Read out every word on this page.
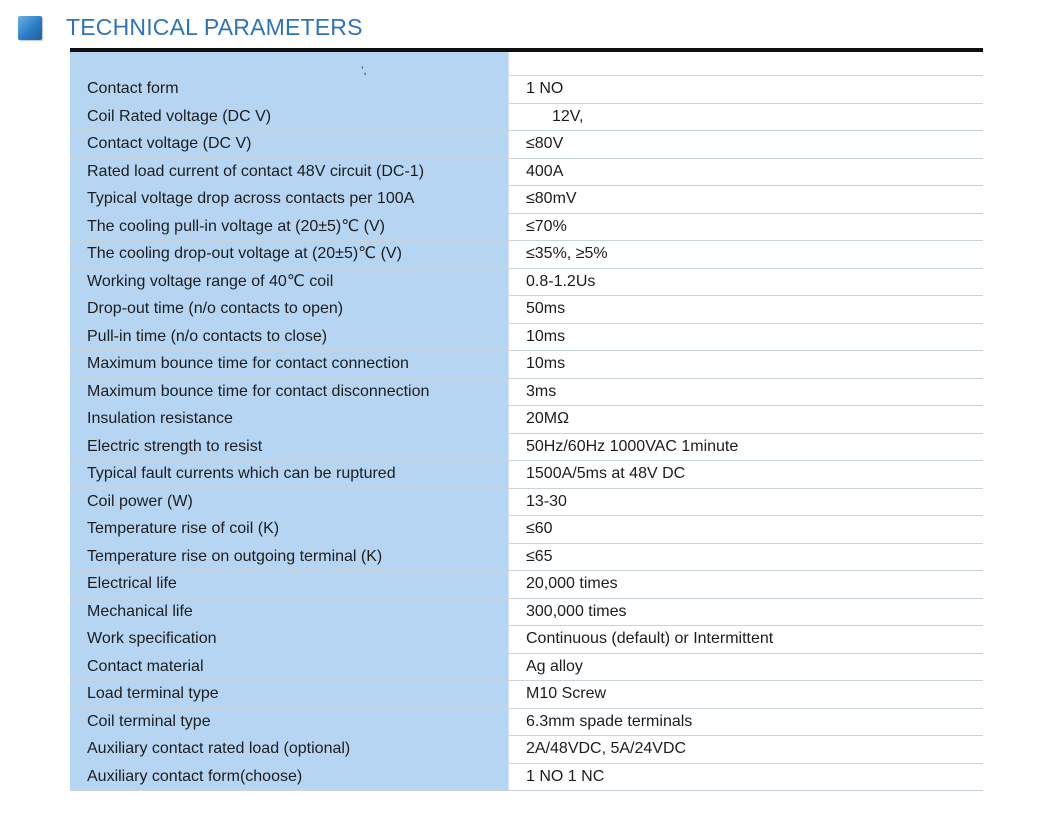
TECHNICAL PARAMETERS
’,
Contact form	1 NO
Coil Rated voltage (DC V)	12V,
Contact voltage (DC V)	≤80V
Rated load current of contact 48V circuit (DC-1)	400A
Typical voltage drop across contacts per 100A	≤80mV
The cooling pull-in voltage at (20±5)℃ (V)	≤70%
The cooling drop-out voltage at (20±5)℃ (V)	≤35%, ≥5%
Working voltage range of 40℃ coil	0.8-1.2Us
Drop-out time (n/o contacts to open)	50ms
Pull-in time (n/o contacts to close)	10ms
Maximum bounce time for contact connection	10ms
Maximum bounce time for contact disconnection	3ms
Insulation resistance	20MΩ
Electric strength to resist	50Hz/60Hz 1000VAC 1minute
Typical fault currents which can be ruptured	1500A/5ms at 48V DC
Coil power (W)	13-30
Temperature rise of coil (K)	≤60
Temperature rise on outgoing terminal (K)	≤65
Electrical life	20,000 times
Mechanical life	300,000 times
Work specification	Continuous (default) or Intermittent
Contact material	Ag alloy
Load terminal type	M10 Screw
Coil terminal type	6.3mm spade terminals
Auxiliary contact rated load (optional)	2A/48VDC, 5A/24VDC
Auxiliary contact form(choose)	1 NO 1 NC
